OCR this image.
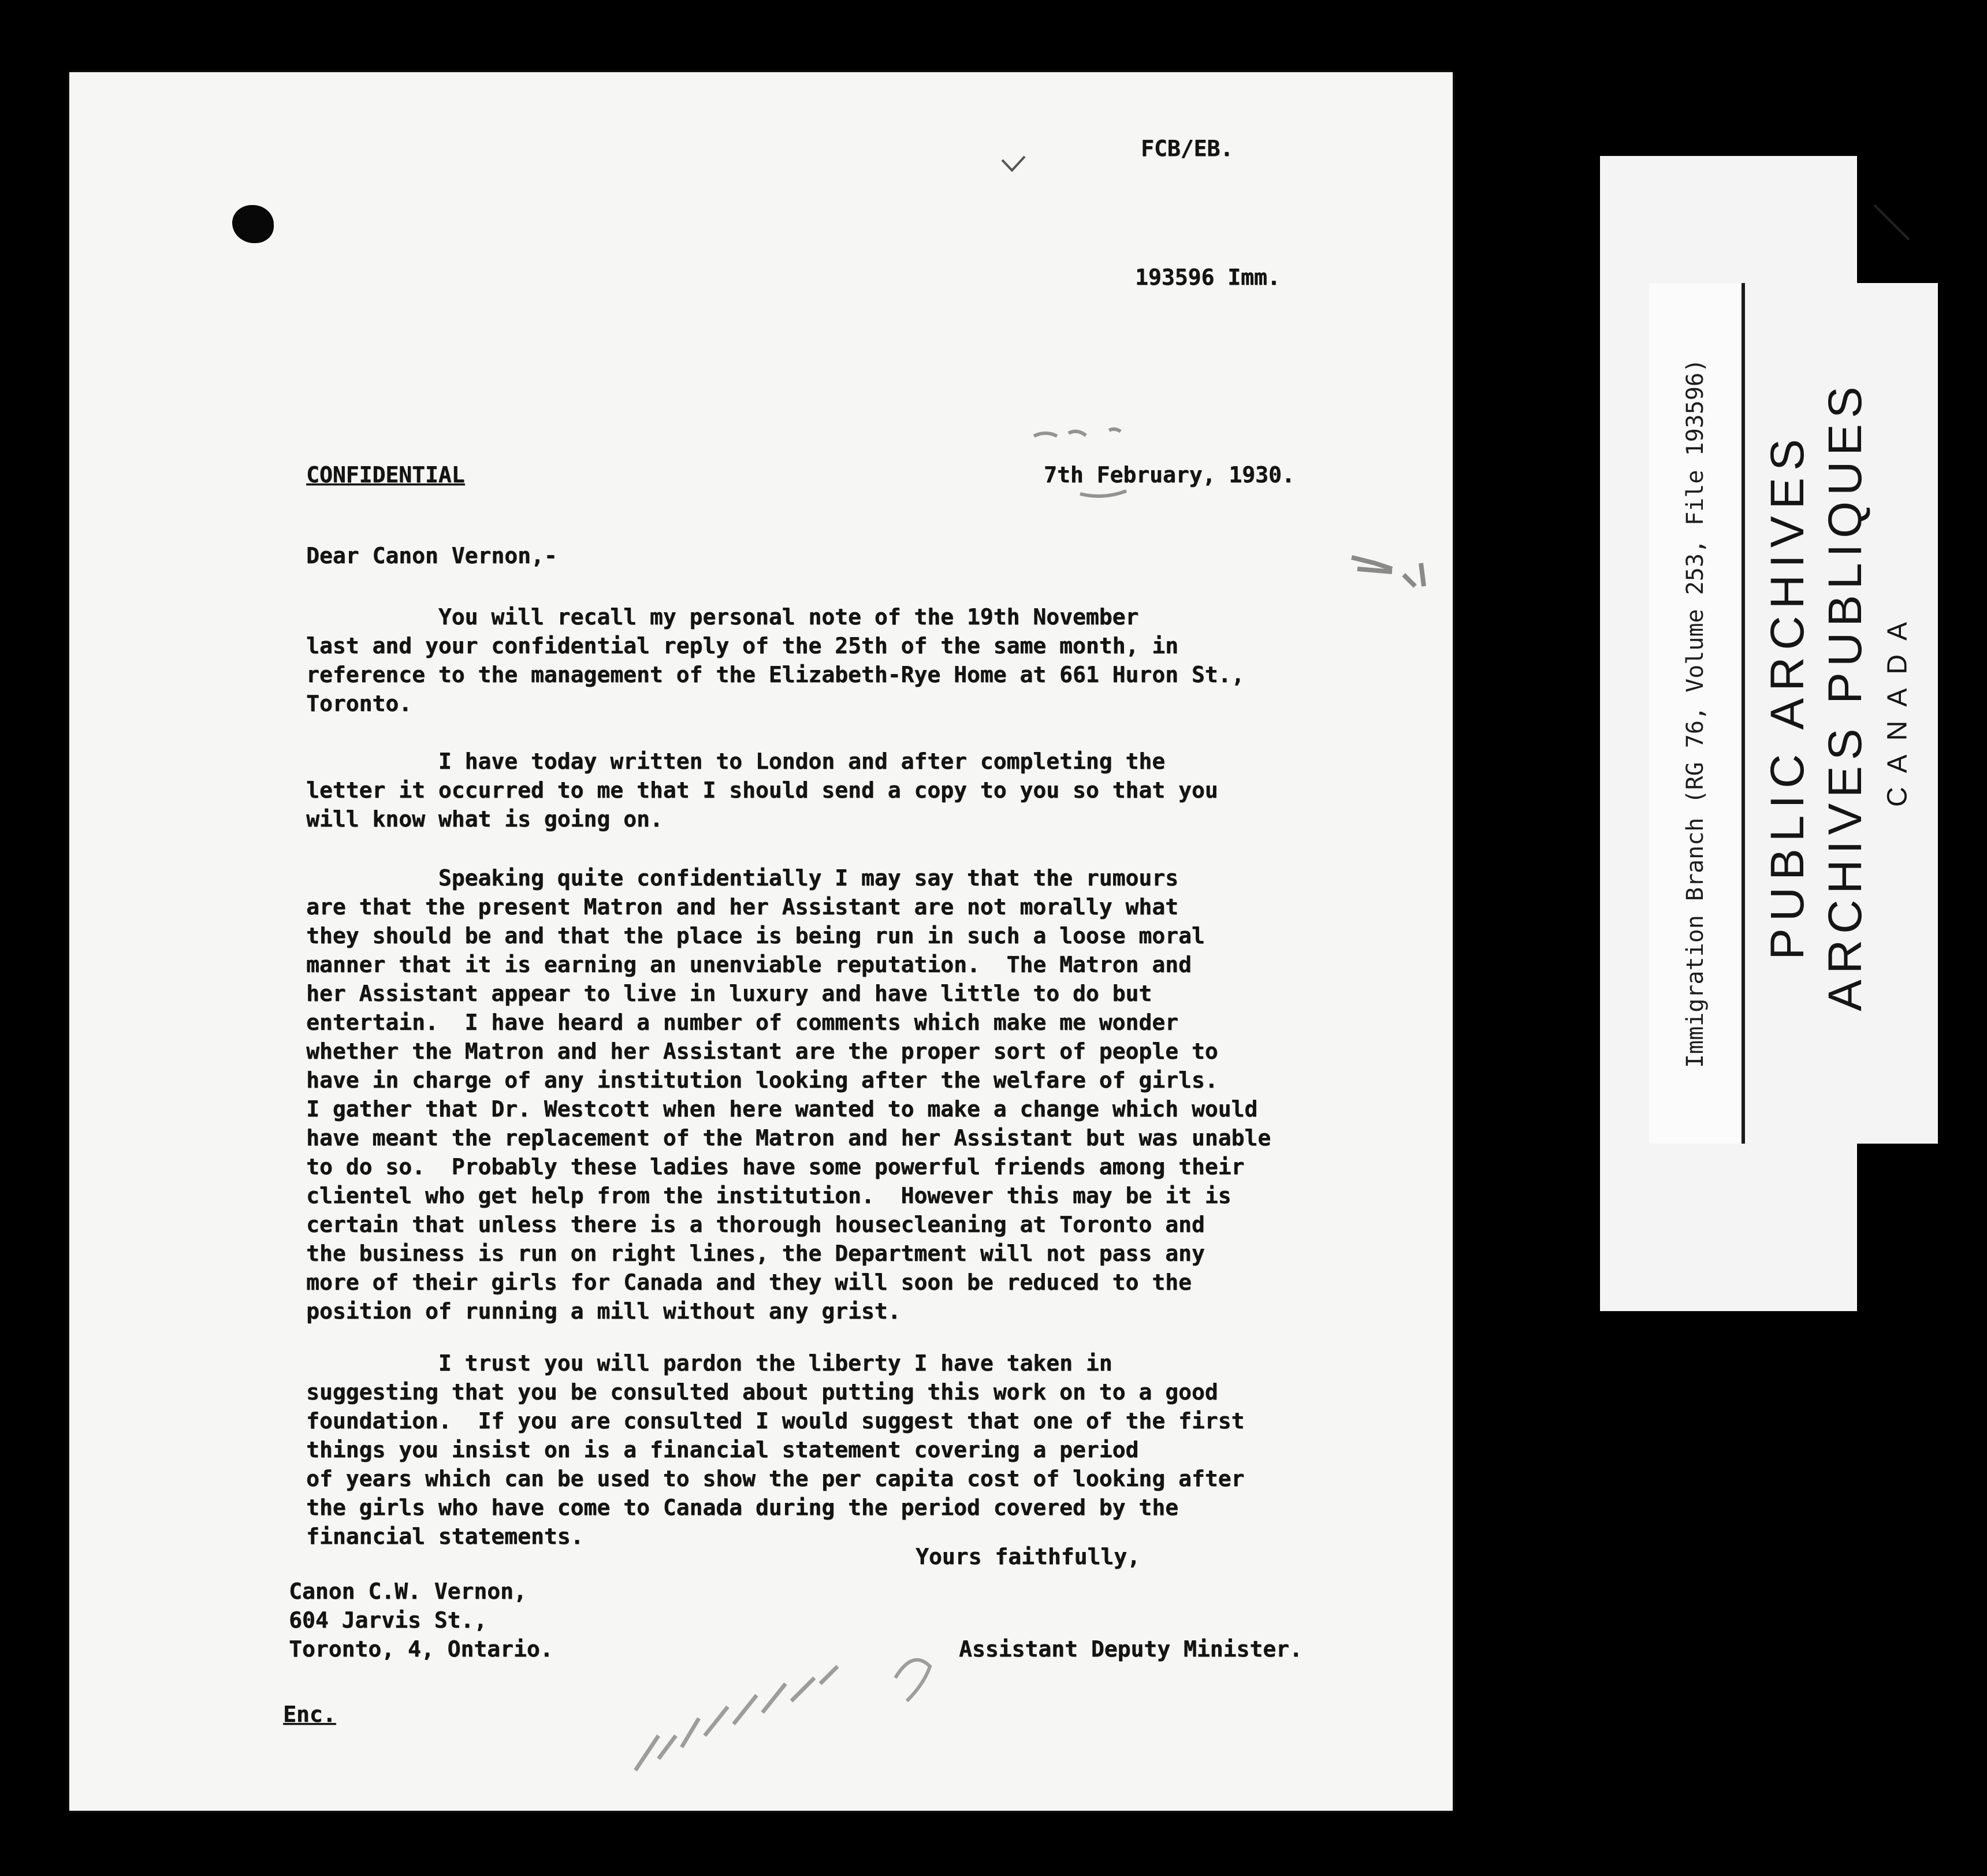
FCB/EB.
193596 Imm.
CONFIDENTIAL	7th February, 1930.
Dear Canon Vernon,-
You will recall my personal note of the 19th November
last and your confidential reply of the 25th of the same month, in
reference to the management of the Elizabeth-Rye Home at 661 Huron St.,
Toronto.
I have today written to London and after completing the
letter it occurred to me that I should send a copy to you so that you
will know what is going on.
Speaking quite confidentially I may say that the rumours
are that the present Matron and her Assistant are not morally what
they should be and that the place is being run in such a loose moral
manner that it is earning an unenviable reputation.  The Matron and
her Assistant appear to live in luxury and have little to do but
entertain.  I have heard a number of comments which make me wonder
whether the Matron and her Assistant are the proper sort of people to
have in charge of any institution looking after the welfare of girls.
I gather that Dr. Westcott when here wanted to make a change which would
have meant the replacement of the Matron and her Assistant but was unable
to do so.  Probably these ladies have some powerful friends among their
clientel who get help from the institution.  However this may be it is
certain that unless there is a thorough housecleaning at Toronto and
the business is run on right lines, the Department will not pass any
more of their girls for Canada and they will soon be reduced to the
position of running a mill without any grist.
I trust you will pardon the liberty I have taken in
suggesting that you be consulted about putting this work on to a good
foundation.  If you are consulted I would suggest that one of the first
things you insist on is a financial statement covering a period
of years which can be used to show the per capita cost of looking after
the girls who have come to Canada during the period covered by the
financial statements.
Yours faithfully,
Canon C.W. Vernon,
604 Jarvis St.,
Toronto, 4, Ontario.	Assistant Deputy Minister.
Enc.
Immigration Branch (RG 76, Volume 253, File 193596) PUBLIC ARCHIVES ARCHIVES PUBLIQUES CANADA
